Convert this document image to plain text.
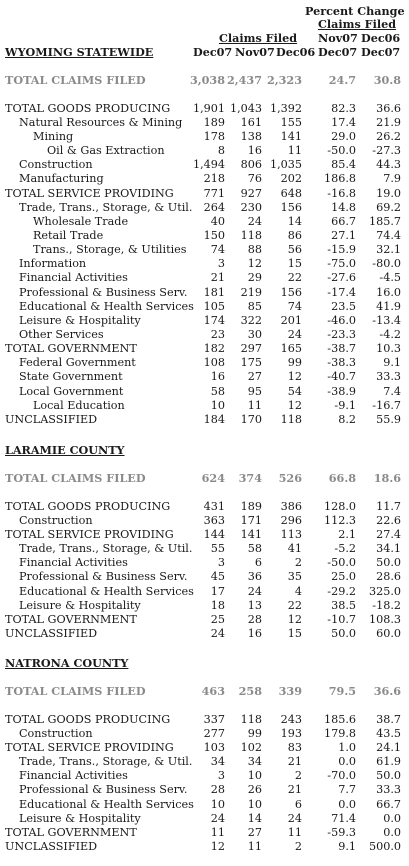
Percent Change
Claims Filed
Claims Filed Nov07 Dec06
Dec07 Nov07 Dec06 Dec07 Dec07
WYOMING STATEWIDE
TOTAL CLAIMS FILED	3,038 2,437 2,323	24.7	30.8
TOTAL GOODS PRODUCING	1,901 1,043 1,392	82.3	36.6
Natural Resources & Mining	189	161	155	17.4	21.9
Mining	178	138	141	29.0	26.2
Oil & Gas Extraction	8	16	11	-50.0	-27.3
Construction	1,494	806 1,035	85.4	44.3
Manufacturing	218	76	202	186.8	7.9
TOTAL SERVICE PROVIDING	771	927	648	-16.8	19.0
Trade, Trans., Storage, & Util.	264	230	156	14.8	69.2
Wholesale Trade	40	24	14	66.7	185.7
Retail Trade	150	118	86	27.1	74.4
Trans., Storage, & Utilities	74	88	56	-15.9	32.1
Information	3	12	15	-75.0	-80.0
Financial Activities	21	29	22	-27.6	-4.5
Professional & Business Serv.	181	219	156	-17.4	16.0
Educational & Health Services 105	85	74	23.5	41.9
Leisure & Hospitality	174	322	201	-46.0	-13.4
Other Services	23	30	24	-23.3	-4.2
TOTAL GOVERNMENT	182	297	165	-38.7	10.3
Federal Government	108	175	99	-38.3	9.1
State Government	16	27	12	-40.7	33.3
Local Government	58	95	54	-38.9	7.4
Local Education	10	11	12	-9.1	-16.7
UNCLASSIFIED	184	170	118	8.2	55.9
LARAMIE COUNTY
TOTAL CLAIMS FILED	624	374	526	66.8	18.6
TOTAL GOODS PRODUCING	431	189	386	128.0	11.7
Construction	363	171	296	112.3	22.6
TOTAL SERVICE PROVIDING	144	141	113	2.1	27.4
Trade, Trans., Storage, & Util.	55	58	41	-5.2	34.1
Financial Activities	3	6	2	-50.0	50.0
Professional & Business Serv.	45	36	35	25.0	28.6
Educational & Health Services	17	24	4	-29.2	325.0
Leisure & Hospitality	18	13	22	38.5	-18.2
TOTAL GOVERNMENT	25	28	12	-10.7	108.3
UNCLASSIFIED	24	16	15	50.0	60.0
NATRONA COUNTY
TOTAL CLAIMS FILED	463	258	339	79.5	36.6
TOTAL GOODS PRODUCING	337	118	243	185.6	38.7
Construction	277	99	193	179.8	43.5
TOTAL SERVICE PROVIDING	103	102	83	1.0	24.1
Trade, Trans., Storage, & Util.	34	34	21	0.0	61.9
Financial Activities	3	10	2	-70.0	50.0
Professional & Business Serv.	28	26	21	7.7	33.3
Educational & Health Services	10	10	6	0.0	66.7
Leisure & Hospitality	24	14	24	71.4	0.0
TOTAL GOVERNMENT	11	27	11	-59.3	0.0
UNCLASSIFIED	12	11	2	9.1	500.0
